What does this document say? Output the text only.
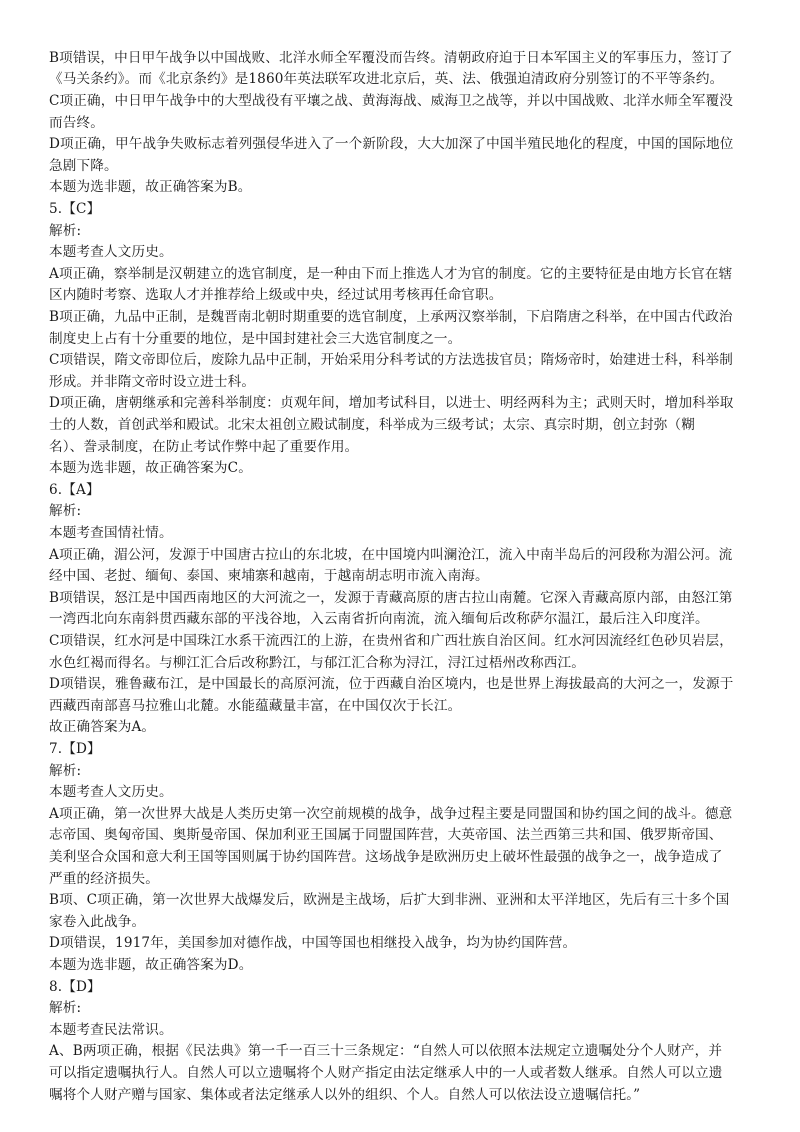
B项错误，中日甲午战争以中国战败、北洋水师全军覆没而告终。清朝政府迫于日本军国主义的军事压力，签订了
《马关条约》。而《北京条约》是1860年英法联军攻进北京后，英、法、俄强迫清政府分别签订的不平等条约。
C项正确，中日甲午战争中的大型战役有平壤之战、黄海海战、威海卫之战等，并以中国战败、北洋水师全军覆没
而告终。
D项正确，甲午战争失败标志着列强侵华进入了一个新阶段，大大加深了中国半殖民地化的程度，中国的国际地位
急剧下降。
本题为选非题，故正确答案为B。
5.【C】
解析:
本题考查人文历史。
A项正确，察举制是汉朝建立的选官制度，是一种由下而上推选人才为官的制度。它的主要特征是由地方长官在辖
区内随时考察、选取人才并推荐给上级或中央，经过试用考核再任命官职。
B项正确，九品中正制，是魏晋南北朝时期重要的选官制度，上承两汉察举制，下启隋唐之科举，在中国古代政治
制度史上占有十分重要的地位，是中国封建社会三大选官制度之一。
C项错误，隋文帝即位后，废除九品中正制，开始采用分科考试的方法选拔官员；隋炀帝时，始建进士科，科举制
形成。并非隋文帝时设立进士科。
D项正确，唐朝继承和完善科举制度：贞观年间，增加考试科目，以进士、明经两科为主；武则天时，增加科举取
士的人数，首创武举和殿试。北宋太祖创立殿试制度，科举成为三级考试；太宗、真宗时期，创立封弥（糊
名）、誊录制度，在防止考试作弊中起了重要作用。
本题为选非题，故正确答案为C。
6.【A】
解析:
本题考查国情社情。
A项正确，湄公河，发源于中国唐古拉山的东北坡，在中国境内叫澜沧江，流入中南半岛后的河段称为湄公河。流
经中国、老挝、缅甸、泰国、柬埔寨和越南，于越南胡志明市流入南海。
B项错误，怒江是中国西南地区的大河流之一，发源于青藏高原的唐古拉山南麓。它深入青藏高原内部，由怒江第
一湾西北向东南斜贯西藏东部的平浅谷地，入云南省折向南流，流入缅甸后改称萨尔温江，最后注入印度洋。
C项错误，红水河是中国珠江水系干流西江的上游，在贵州省和广西壮族自治区间。红水河因流经红色砂贝岩层，
水色红褐而得名。与柳江汇合后改称黔江，与郁江汇合称为浔江，浔江过梧州改称西江。
D项错误，雅鲁藏布江，是中国最长的高原河流，位于西藏自治区境内，也是世界上海拔最高的大河之一，发源于
西藏西南部喜马拉雅山北麓。水能蕴藏量丰富，在中国仅次于长江。
故正确答案为A。
7.【D】
解析:
本题考查人文历史。
A项正确，第一次世界大战是人类历史第一次空前规模的战争，战争过程主要是同盟国和协约国之间的战斗。德意
志帝国、奥匈帝国、奥斯曼帝国、保加利亚王国属于同盟国阵营，大英帝国、法兰西第三共和国、俄罗斯帝国、
美利坚合众国和意大利王国等国则属于协约国阵营。这场战争是欧洲历史上破坏性最强的战争之一，战争造成了
严重的经济损失。
B项、C项正确，第一次世界大战爆发后，欧洲是主战场，后扩大到非洲、亚洲和太平洋地区，先后有三十多个国
家卷入此战争。
D项错误，1917年，美国参加对德作战，中国等国也相继投入战争，均为协约国阵营。
本题为选非题，故正确答案为D。
8.【D】
解析:
本题考查民法常识。
A、B两项正确，根据《民法典》第一千一百三十三条规定：“自然人可以依照本法规定立遗嘱处分个人财产，并
可以指定遗嘱执行人。自然人可以立遗嘱将个人财产指定由法定继承人中的一人或者数人继承。自然人可以立遗
嘱将个人财产赠与国家、集体或者法定继承人以外的组织、个人。自然人可以依法设立遗嘱信托。”
